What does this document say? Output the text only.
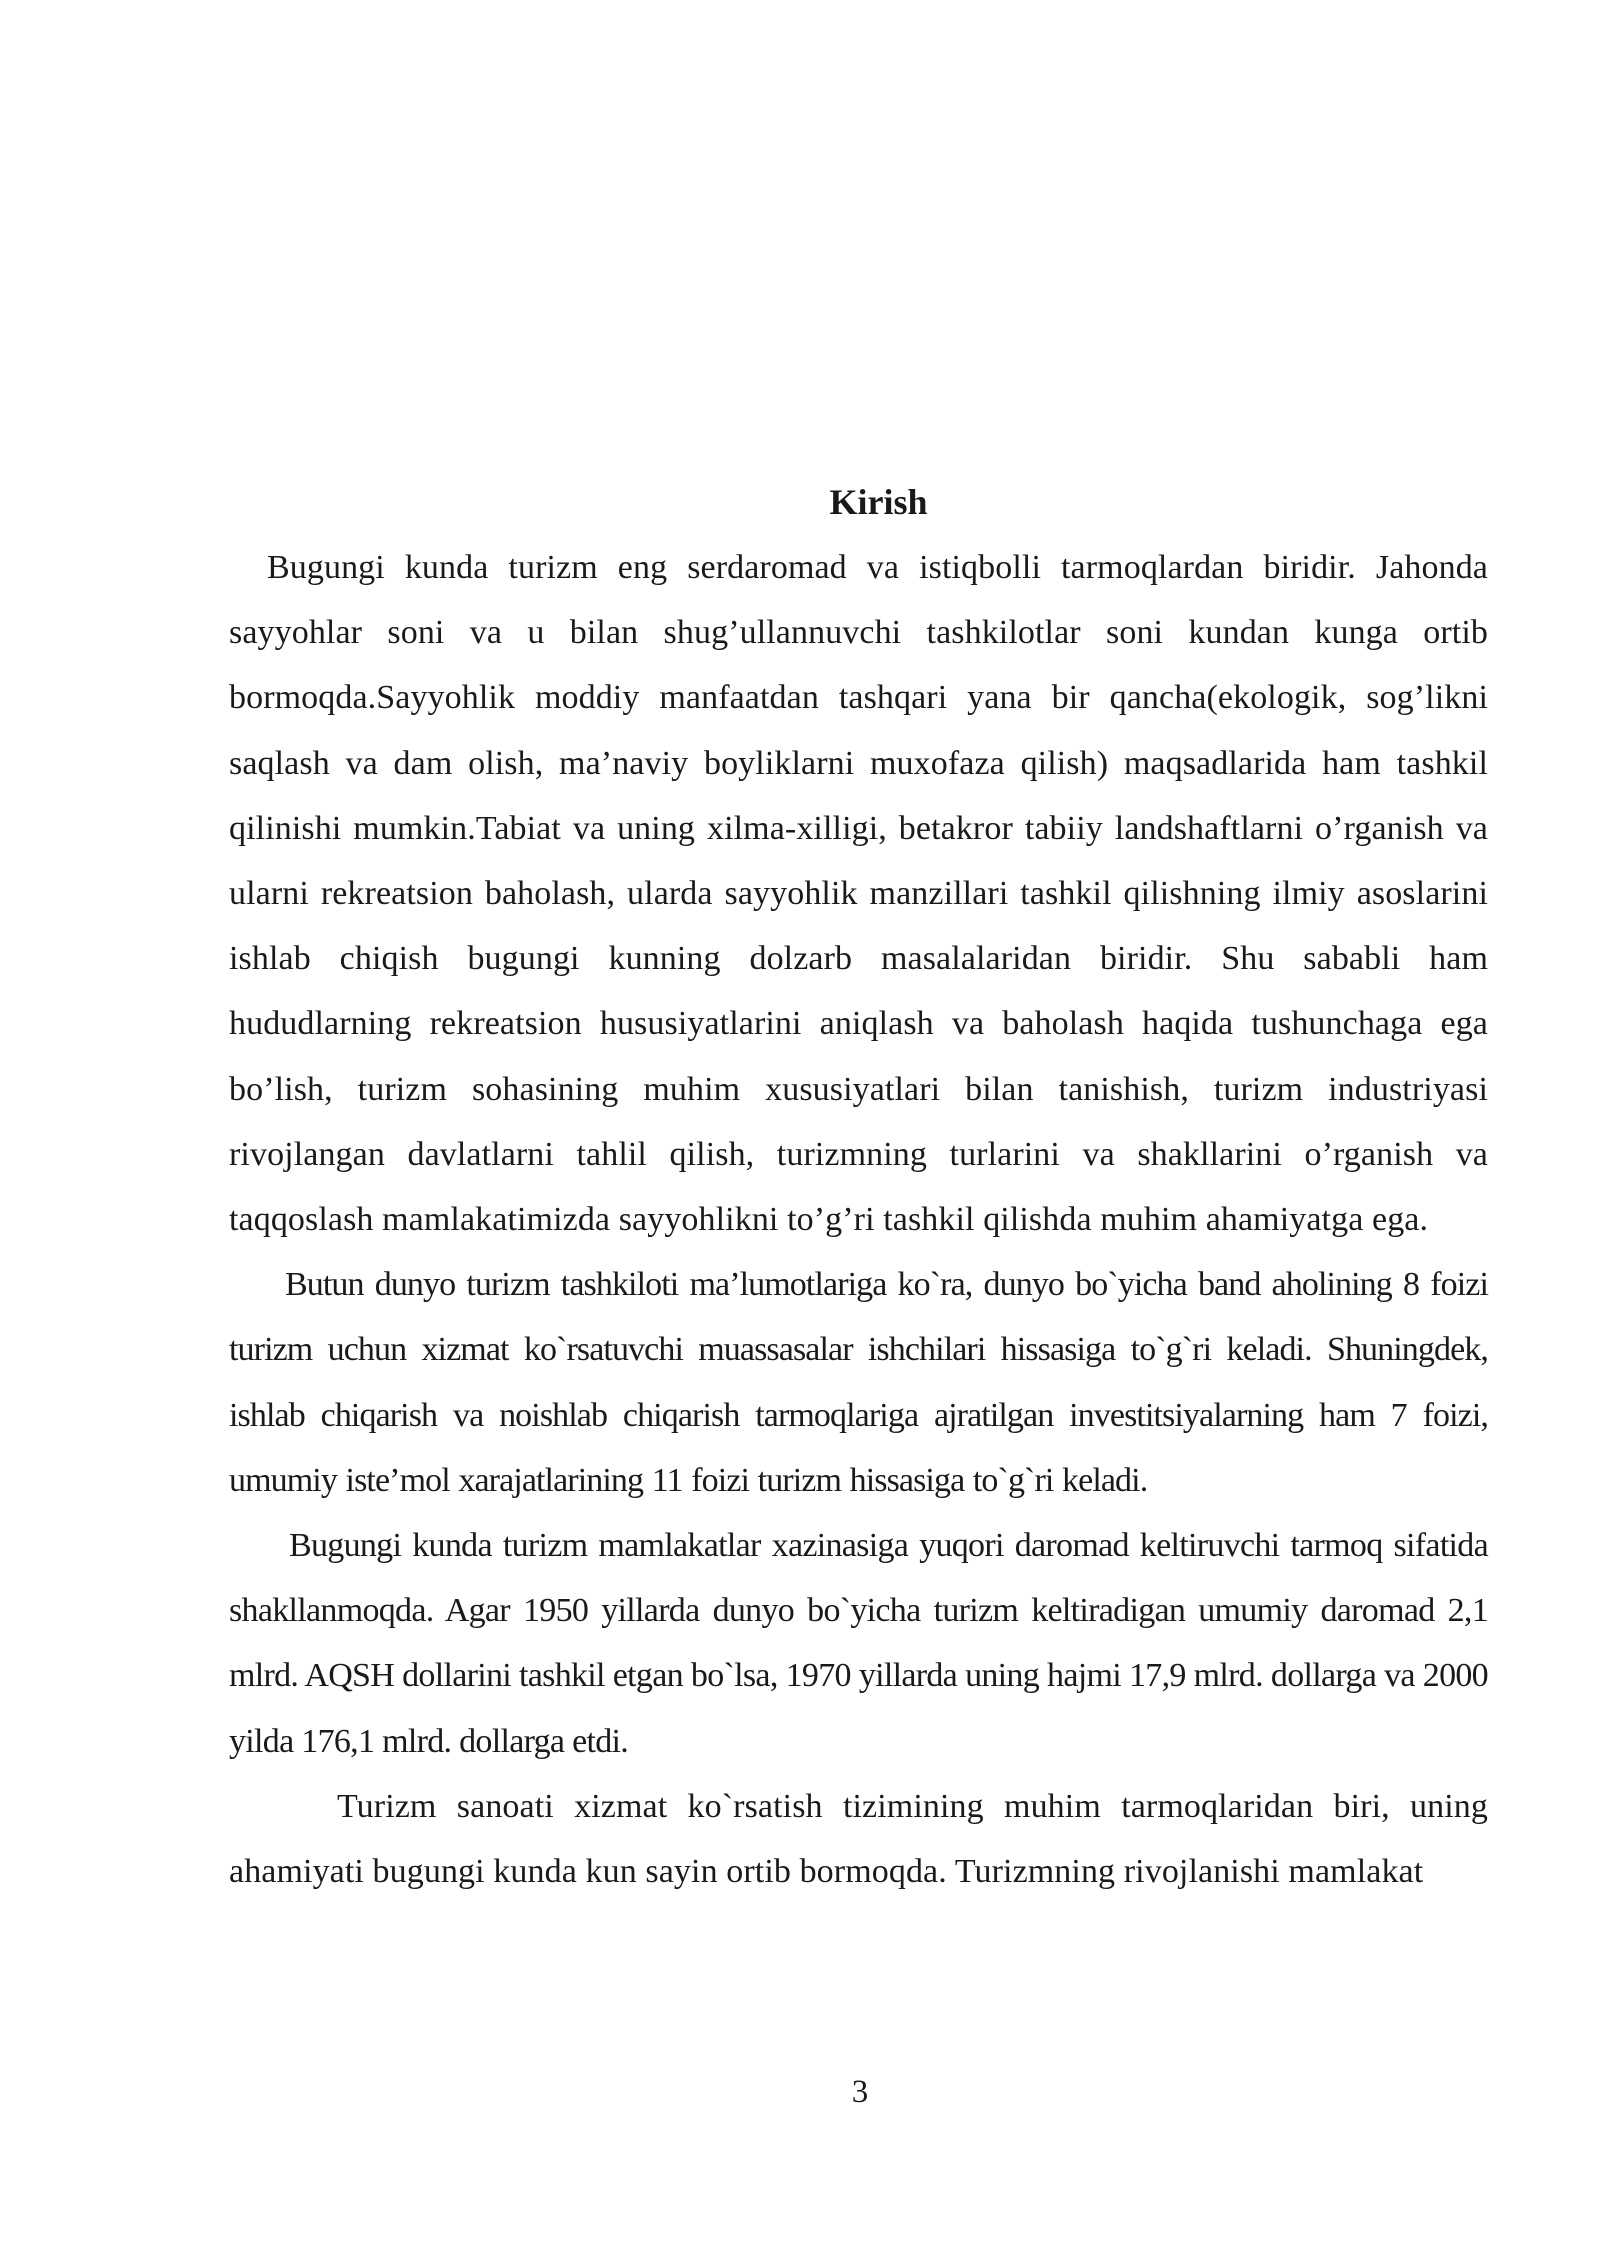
Kirish

Bugungi kunda turizm eng serdaromad va istiqbolli tarmoqlardan biridir. Jahonda sayyohlar soni va u bilan shug’ullannuvchi tashkilotlar soni kundan kunga ortib bormoqda.Sayyohlik moddiy manfaatdan tashqari yana bir qancha(ekologik, sog’likni saqlash va dam olish, ma’naviy boyliklarni muxofaza qilish) maqsadlarida ham tashkil qilinishi mumkin.Tabiat va uning xilma-xilligi, betakror tabiiy landshaftlarni o’rganish va ularni rekreatsion baholash, ularda sayyohlik manzillari tashkil qilishning ilmiy asoslarini ishlab chiqish bugungi kunning dolzarb masalalaridan biridir. Shu sababli ham hududlarning rekreatsion hususiyatlarini aniqlash va baholash haqida tushunchaga ega bo’lish, turizm sohasining muhim xususiyatlari bilan tanishish, turizm industriyasi rivojlangan davlatlarni tahlil qilish, turizmning turlarini va shakllarini o’rganish va taqqoslash mamlakatimizda sayyohlikni to’g’ri tashkil qilishda muhim ahamiyatga ega.

Butun dunyo turizm tashkiloti ma’lumotlariga ko`ra, dunyo bo`yicha band aholining 8 foizi turizm uchun xizmat ko`rsatuvchi muassasalar ishchilari hissasiga to`g`ri keladi. Shuningdek, ishlab chiqarish va noishlab chiqarish tarmoqlariga ajratilgan investitsiyalarning ham 7 foizi, umumiy iste’mol xarajatlarining 11 foizi turizm hissasiga to`g`ri keladi.

Bugungi kunda turizm mamlakatlar xazinasiga yuqori daromad keltiruvchi tarmoq sifatida shakllanmoqda. Agar 1950 yillarda dunyo bo`yicha turizm keltiradigan umumiy daromad 2,1 mlrd. AQSH dollarini tashkil etgan bo`lsa, 1970 yillarda uning hajmi 17,9 mlrd. dollarga va 2000 yilda 176,1 mlrd. dollarga etdi.

Turizm sanoati xizmat ko`rsatish tizimining muhim tarmoqlaridan biri, uning ahamiyati bugungi kunda kun sayin ortib bormoqda. Turizmning rivojlanishi mamlakat

3
